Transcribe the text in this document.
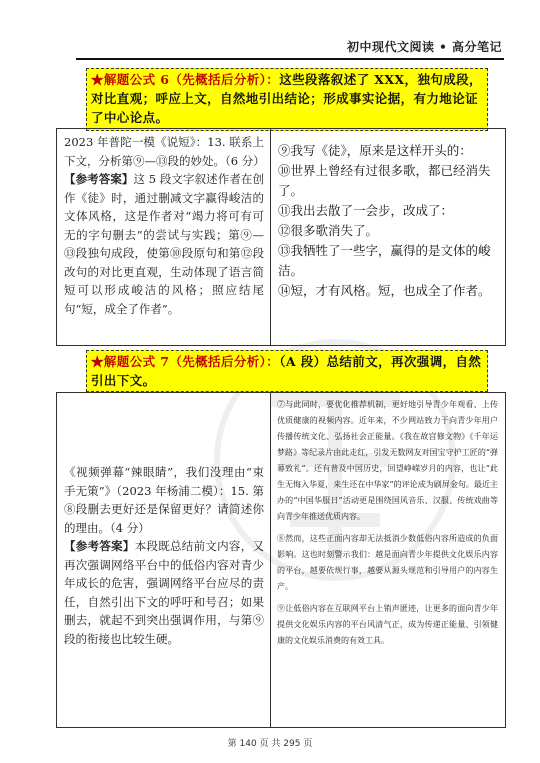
初中现代文阅读 • 高分笔记
★解题公式 6（先概括后分析）：这些段落叙述了 XXX，独句成段，对比直观；呼应上文，自然地引出结论；形成事实论据，有力地论证了中心论点。
2023 年普陀一模《说短》：13. 联系上下文，分析第⑨—⑬段的妙处。（6 分）
【参考答案】这 5 段文字叙述作者在创作《徒》时，通过删减文字赢得峻洁的文体风格，这是作者对“竭力将可有可无的字句删去”的尝试与实践；第⑨—⑬段独句成段，使第⑩段原句和第⑫段改句的对比更直观，生动体现了语言简短可以形成峻洁的风格；照应结尾句“短，成全了作者”。

⑨我写《徒》，原来是这样开头的：

⑩世界上曾经有过很多歌，都已经消失了。

⑪我出去散了一会步，改成了：

⑫很多歌消失了。

⑬我牺牲了一些字，赢得的是文体的峻洁。

⑭短，才有风格。短，也成全了作者。

★解题公式 7（先概括后分析）：（A 段）总结前文，再次强调，自然引出下文。
《视频弹幕“辣眼睛”，我们没理由“束手无策”》（2023 年杨浦二模）：15. 第⑧段删去更好还是保留更好？请简述你的理由。（4 分）
【参考答案】本段既总结前文内容，又再次强调网络平台中的低俗内容对青少年成长的危害，强调网络平台应尽的责任，自然引出下文的呼吁和号召；如果删去，就起不到突出强调作用，与第⑨段的衔接也比较生硬。

⑦与此同时，要优化推荐机制，更好地引导青少年观看、上传优质健康的视频内容。近年来，不少网站致力于向青少年用户传播传统文化、弘扬社会正能量。《我在故宫修文物》《千年运梦路》等纪录片由此走红，引发无数网友对国宝守护工匠的“弹幕致礼”。还有普及中国历史，回望峥嵘岁月的内容，也让“此生无悔入华夏，来生还在中华家”的评论成为刷屏金句。最近主办的“中国华服日”活动更是围绕国风音乐、汉服、传统戏曲等向青少年推送优质内容。

⑧然而，这些正面内容却无法抵消少数低俗内容所造成的负面影响。这也时刻警示我们：越是面向青少年提供文化娱乐内容的平台，越要依规行事，越要从源头规范和引导用户的内容生产。

⑨让低俗内容在互联网平台上销声匿迹，让更多的面向青少年提供文化娱乐内容的平台风清气正，成为传递正能量、引领健康的文化娱乐消费的有效工具。

第 140 页 共 295 页
